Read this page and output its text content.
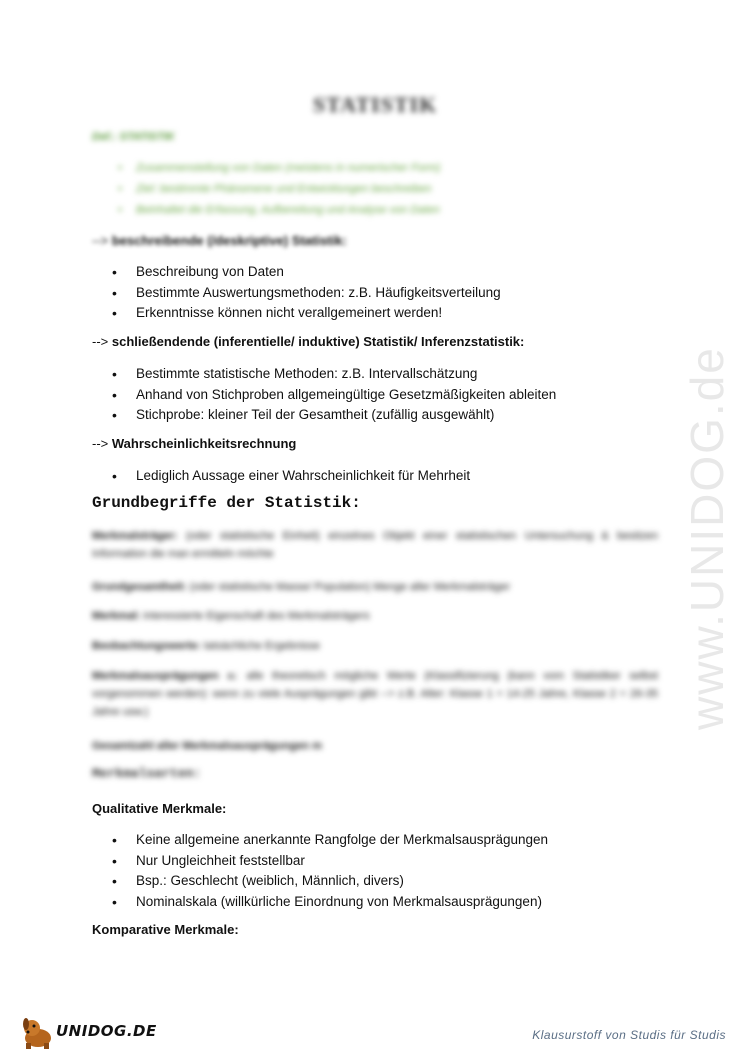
www.UNIDOG.de
STATISTIK
Def.: STATISTIK
• Zusammenstellung von Daten (meistens in numerischer Form)
• Ziel: bestimmte Phänomene und Entwicklungen beschreiben
• Beinhaltet die Erfassung, Aufbereitung und Analyse von Daten
--> beschreibende (/deskriptive) Statistik:
• Beschreibung von Daten
• Bestimmte Auswertungsmethoden: z.B. Häufigkeitsverteilung
• Erkenntnisse können nicht verallgemeinert werden!
--> schließendende (inferentielle/ induktive) Statistik/ Inferenzstatistik:
• Bestimmte statistische Methoden: z.B. Intervallschätzung
• Anhand von Stichproben allgemeingültige Gesetzmäßigkeiten ableiten
• Stichprobe: kleiner Teil der Gesamtheit (zufällig ausgewählt)
--> Wahrscheinlichkeitsrechnung
• Lediglich Aussage einer Wahrscheinlichkeit für Mehrheit
Grundbegriffe der Statistik:
Merkmalsträger: (oder statistische Einheit) einzelnes Objekt einer statistischen Untersuchung & besitzen Information die man ermitteln möchte
Grundgesamtheit: (oder statistische Masse/ Population) Menge aller Merkmalsträger
Merkmal: interessierte Eigenschaft des Merkmalsträgers
Beobachtungswerte: tatsächliche Ergebnisse
Merkmalsausprägungen aᵢ: alle theoretisch mögliche Werte (Klassifizierung (kann vom Statistiker selbst vorgenommen werden): wenn zu viele Ausprägungen gibt --> z.B. Alter: Klasse 1 = 14-25 Jahre, Klasse 2 = 26-35 Jahre usw.)
Gesamtzahl aller Merkmalsausprägungen m
Merkmalsarten:
Qualitative Merkmale:
• Keine allgemeine anerkannte Rangfolge der Merkmalsausprägungen
• Nur Ungleichheit feststellbar
• Bsp.: Geschlecht (weiblich, Männlich, divers)
• Nominalskala (willkürliche Einordnung von Merkmalsausprägungen)
Komparative Merkmale:
UNIDOG.DE	Klausurstoff von Studis für Studis
